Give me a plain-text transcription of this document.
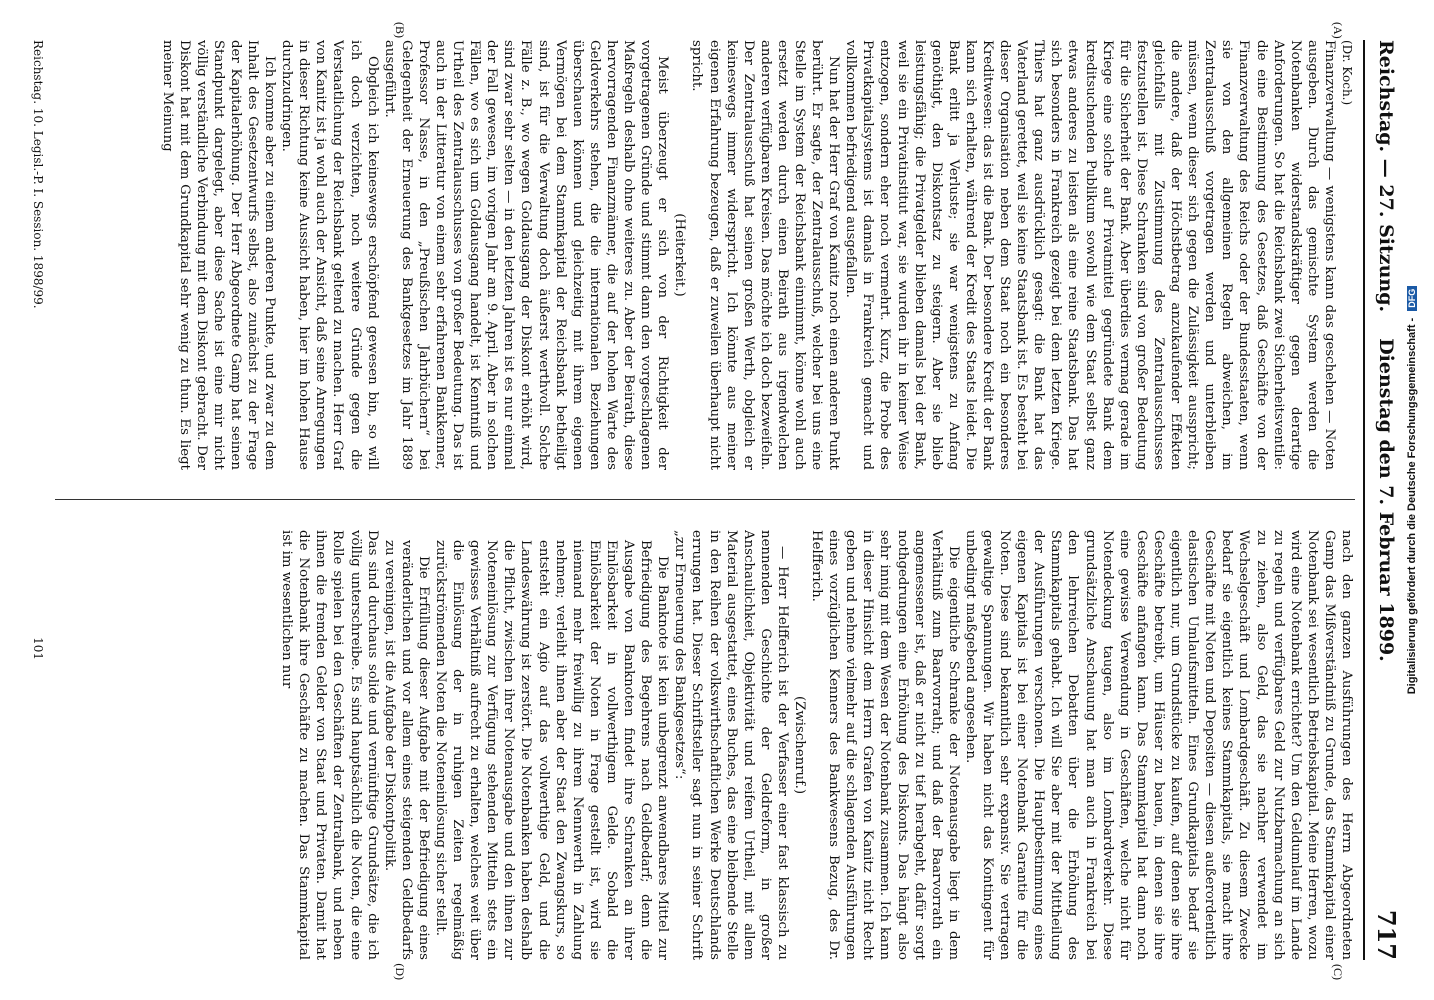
Reichstag. — 27. Sitzung.
Dienstag den 7. Februar 1899.
717
(A)
(B)
(C)
(D)

(Dr. Koch.)

Finanzverwaltung — wenigstens kann das geschehen — Noten ausgeben. Durch das gemischte System werden die Notenbanken widerstandskräftiger gegen derartige Anforderungen. So hat die Reichsbank zwei Sicherheitsventile: die eine Bestimmung des Gesetzes, daß Geschäfte von der Finanzverwaltung des Reichs oder der Bundesstaaten, wenn sie von den allgemeinen Regeln abweichen, im Zentralausschuß vorgetragen werden und unterbleiben müssen, wenn dieser sich gegen die Zulässigkeit ausspricht; die andere, daß der Höchstbetrag anzukaufender Effekten gleichfalls mit Zustimmung des Zentralausschusses festzustellen ist. Diese Schranken sind von großer Bedeutung für die Sicherheit der Bank. Aber überdies vermag gerade im Kriege eine solche auf Privatmittel gegründete Bank dem kreditsuchenden Publikum sowohl wie dem Staat selbst ganz etwas anderes zu leisten als eine reine Staatsbank. Das hat sich besonders in Frankreich gezeigt bei dem letzten Kriege. Thiers hat ganz ausdrücklich gesagt: die Bank hat das Vaterland gerettet, weil sie keine Staatsbank ist. Es besteht bei dieser Organisation neben dem Staat noch ein besonderes Kreditwesen: das ist die Bank. Der besondere Kredit der Bank kann sich erhalten, während der Kredit des Staats leidet. Die Bank erlitt ja Verluste; sie war wenigstens zu Anfang genöthigt, den Diskontsatz zu steigern. Aber sie blieb leistungsfähig; die Privatgelder blieben damals bei der Bank, weil sie ein Privatinstitut war, sie wurden ihr in keiner Weise entzogen, sondern eher noch vermehrt. Kurz, die Probe des Privatkapitalsystems ist damals in Frankreich gemacht und vollkommen befriedigend ausgefallen.

Nun hat der Herr Graf von Kanitz noch einen anderen Punkt berührt. Er sagte, der Zentralausschuß, welcher bei uns eine Stelle im System der Reichsbank einnimmt, könne wohl auch ersetzt werden durch einen Beirath aus irgendwelchen anderen verfügbaren Kreisen. Das möchte ich doch bezweifeln. Der Zentralausschuß hat seinen großen Werth, obgleich er keineswegs immer widerspricht. Ich könnte aus meiner eigenen Erfahrung bezeugen, daß er zuweilen überhaupt nicht spricht.

(Heiterkeit.)

Meist überzeugt er sich von der Richtigkeit der vorgetragenen Gründe und stimmt dann den vorgeschlagenen Maßregeln deshalb ohne weiteres zu. Aber der Beirath, diese hervorragenden Finanzmänner, die auf der hohen Warte des Geldverkehrs stehen, die die internationalen Beziehungen überschauen können und gleichzeitig mit ihrem eigenen Vermögen bei dem Stammkapital der Reichsbank betheiligt sind, ist für die Verwaltung doch äußerst werthvoll. Solche Fälle z. B., wo wegen Goldausgang der Diskont erhöht wird, sind zwar sehr selten — in den letzten Jahren ist es nur einmal der Fall gewesen, im vorigen Jahr am 9. April. Aber in solchen Fällen, wo es sich um Goldausgang handelt, ist Kenntniß und Urtheil des Zentralausschusses von großer Bedeutung. Das ist auch in der Litteratur von einem sehr erfahrenen Bankkenner, Professor Nasse, in den „Preußischen Jahrbüchern“ bei Gelegenheit der Erneuerung des Bankgesetzes im Jahr 1889 ausgeführt.

Obgleich ich keineswegs erschöpfend gewesen bin, so will ich doch verzichten, noch weitere Gründe gegen die Verstaatlichung der Reichsbank geltend zu machen. Herr Graf von Kanitz ist ja wohl auch der Ansicht, daß seine Anregungen in dieser Richtung keine Aussicht haben, hier im hohen Hause durchzudringen.

Ich komme aber zu einem anderen Punkte, und zwar zu dem Inhalt des Gesetzentwurfs selbst, also zunächst zu der Frage der Kapitalerhöhung. Der Herr Abgeordnete Gamp hat seinen Standpunkt dargelegt, aber diese Sache ist eine mir nicht völlig verständliche Verbindung mit dem Diskont gebracht. Der Diskont hat mit dem Grundkapital sehr wenig zu thun. Es liegt meiner Meinung

nach den ganzen Ausführungen des Herrn Abgeordneten Gamp das Mißverständniß zu Grunde, das Stammkapital einer Notenbank sei wesentlich Betriebskapital. Meine Herren, wozu wird eine Notenbank errichtet? Um den Geldumlauf im Lande zu regeln und verfügbares Geld zur Nutzbarmachung an sich zu ziehen, also Geld, das sie nachher verwendet im Wechselgeschäft und Lombardgeschäft. Zu diesem Zwecke bedarf sie eigentlich keines Stammkapitals, sie macht ihre Geschäfte mit Noten und Depositen — diesen außerordentlich elastischen Umlaufsmitteln. Eines Grundkapitals bedarf sie eigentlich nur, um Grundstücke zu kaufen, auf denen sie ihre Geschäfte betreibt, um Häuser zu bauen, in denen sie ihre Geschäfte anfangen kann. Das Stammkapital hat dann noch eine gewisse Verwendung in Geschäften, welche nicht für Notendeckung taugen, also im Lombardverkehr. Diese grundsätzliche Anschauung hat man auch in Frankreich bei den lehrreichen Debatten über die Erhöhung des Stammkapitals gehabt. Ich will Sie aber mit der Mittheilung der Ausführungen verschonen. Die Hauptbestimmung eines eigenen Kapitals ist bei einer Notenbank Garantie für die Noten. Diese sind bekanntlich sehr expansiv. Sie vertragen gewaltige Spannungen. Wir haben nicht das Kontingent für unbedingt maßgebend angesehen.

Die eigentliche Schranke der Notenausgabe liegt in dem Verhältniß zum Baarvorrath; und daß der Baarvorrath ein angemessener ist, daß er nicht zu tief herabgeht, dafür sorgt nothgedrungen eine Erhöhung des Diskonts. Das hängt also sehr innig mit dem Wesen der Notenbank zusammen. Ich kann in dieser Hinsicht dem Herrn Grafen von Kanitz nicht Recht geben und nehme vielmehr auf die schlagenden Ausführungen eines vorzüglichen Kenners des Bankwesens Bezug, des Dr. Helfferich.

(Zwischenruf.)

— Herr Helfferich ist der Verfasser einer fast klassisch zu nennenden Geschichte der Geldreform, in großer Anschaulichkeit, Objektivität und reifem Urtheil, mit allem Material ausgestattet, eines Buches, das eine bleibende Stelle in den Reihen der volkswirthschaftlichen Werke Deutschlands errungen hat. Dieser Schriftsteller sagt nun in seiner Schrift „zur Erneuerung des Bankgesetzes“:

Die Banknote ist kein unbegrenzt anwendbares Mittel zur Befriedigung des Begehrens nach Geldbedarf; denn die Ausgabe von Banknoten findet ihre Schranken an ihrer Einlösbarkeit in vollwerthigem Gelde. Sobald die Einlösbarkeit der Noten in Frage gestellt ist, wird sie niemand mehr freiwillig zu ihrem Nennwerth in Zahlung nehmen; verleiht ihnen aber der Staat den Zwangskurs, so entsteht ein Agio auf das vollwerthige Geld, und die Landeswährung ist zerstört. Die Notenbanken haben deshalb die Pflicht, zwischen ihrer Notenausgabe und den ihnen zur Noteneinlösung zur Verfügung stehenden Mitteln stets ein gewisses Verhältniß aufrecht zu erhalten, welches weit über die Einlösung der in ruhigen Zeiten regelmäßig zurückströmenden Noten die Noteneinlösung sicher stellt.

Die Erfüllung dieser Aufgabe mit der Befriedigung eines veränderlichen und vor allem eines steigenden Geldbedarfs zu vereinigen, ist die Aufgabe der Diskontpolitik.

Das sind durchaus solide und vernünftige Grundsätze, die ich völlig unterschreibe. Es sind hauptsächlich die Noten, die eine Rolle spielen bei den Geschäften der Zentralbank, und neben ihnen die fremden Gelder von Staat und Privaten. Damit hat die Notenbank ihre Geschäfte zu machen. Das Stammkapital ist im wesentlichen nur

Reichstag. 10. Legisl.-P. I. Session. 1898/99.
101	Digitalisierung gefördert durch die Deutsche Forschungsgemeinschaft - DFG
